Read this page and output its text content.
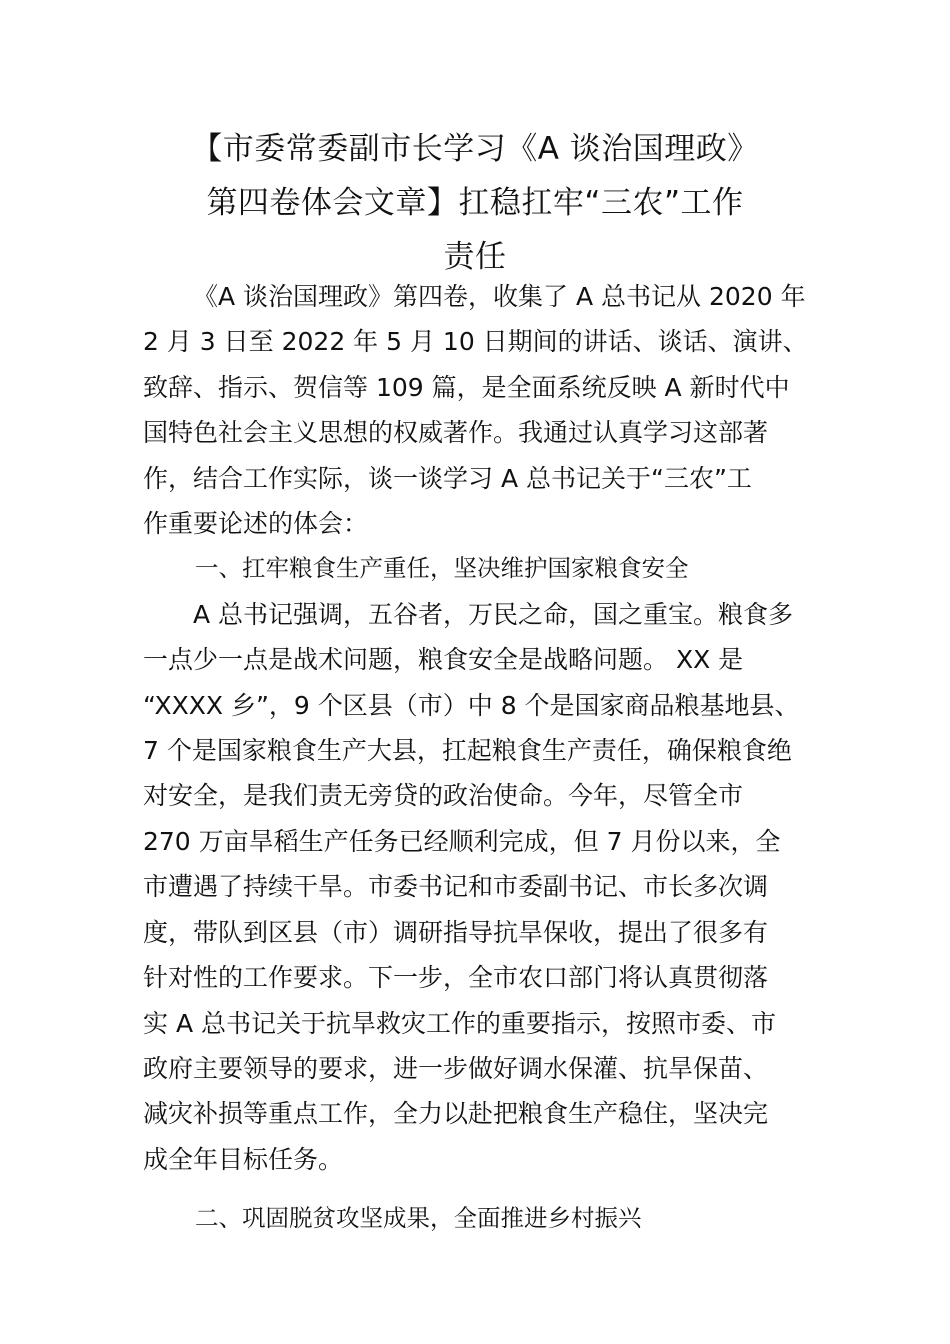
【市委常委副市长学习《A 谈治国理政》
第四卷体会文章】扛稳扛牢“三农”工作
责任

《A 谈治国理政》第四卷，收集了 A 总书记从 2020 年
2 月 3 日至 2022 年 5 月 10 日期间的讲话、谈话、演讲、
致辞、指示、贺信等 109 篇，是全面系统反映 A 新时代中
国特色社会主义思想的权威著作。我通过认真学习这部著
作，结合工作实际，谈一谈学习 A 总书记关于“三农”工
作重要论述的体会：

一、扛牢粮食生产重任，坚决维护国家粮食安全

A 总书记强调，五谷者，万民之命，国之重宝。粮食多
一点少一点是战术问题，粮食安全是战略问题。 XX 是
“XXXX 乡”，9 个区县（市）中 8 个是国家商品粮基地县、
7 个是国家粮食生产大县，扛起粮食生产责任，确保粮食绝
对安全，是我们责无旁贷的政治使命。今年，尽管全市
270 万亩旱稻生产任务已经顺利完成，但 7 月份以来，全
市遭遇了持续干旱。市委书记和市委副书记、市长多次调
度，带队到区县（市）调研指导抗旱保收，提出了很多有
针对性的工作要求。下一步，全市农口部门将认真贯彻落
实 A 总书记关于抗旱救灾工作的重要指示，按照市委、市
政府主要领导的要求，进一步做好调水保灌、抗旱保苗、
减灾补损等重点工作，全力以赴把粮食生产稳住，坚决完
成全年目标任务。

二、巩固脱贫攻坚成果，全面推进乡村振兴
